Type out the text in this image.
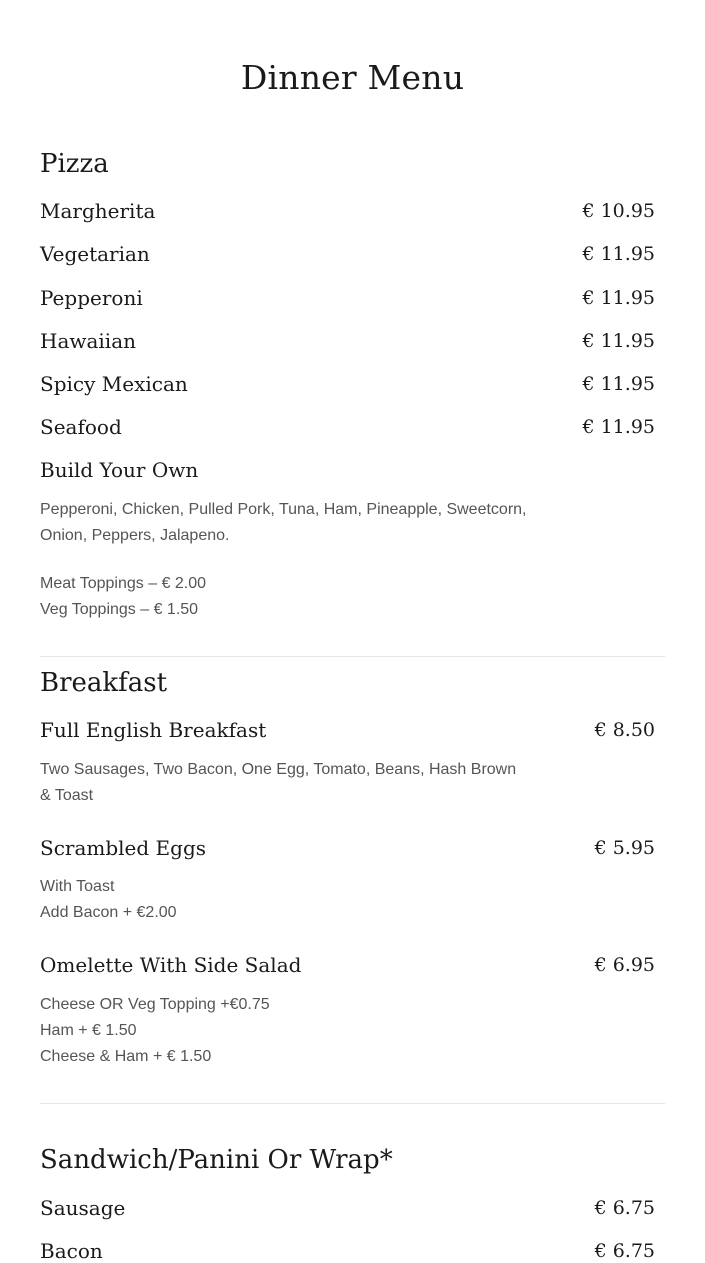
Dinner Menu
Pizza
Margherita	€ 10.95
Vegetarian	€ 11.95
Pepperoni	€ 11.95
Hawaiian	€ 11.95
Spicy Mexican	€ 11.95
Seafood	€ 11.95
Build Your Own
Pepperoni, Chicken, Pulled Pork, Tuna, Ham, Pineapple, Sweetcorn,
Onion, Peppers, Jalapeno.
Meat Toppings – € 2.00
Veg Toppings – € 1.50
Breakfast
Full English Breakfast	€ 8.50
Two Sausages, Two Bacon, One Egg, Tomato, Beans, Hash Brown
& Toast
Scrambled Eggs	€ 5.95
With Toast
Add Bacon + €2.00
Omelette With Side Salad	€ 6.95
Cheese OR Veg Topping +€0.75
Ham + € 1.50
Cheese & Ham + € 1.50
Sandwich/Panini Or Wrap*
Sausage	€ 6.75
Bacon	€ 6.75
